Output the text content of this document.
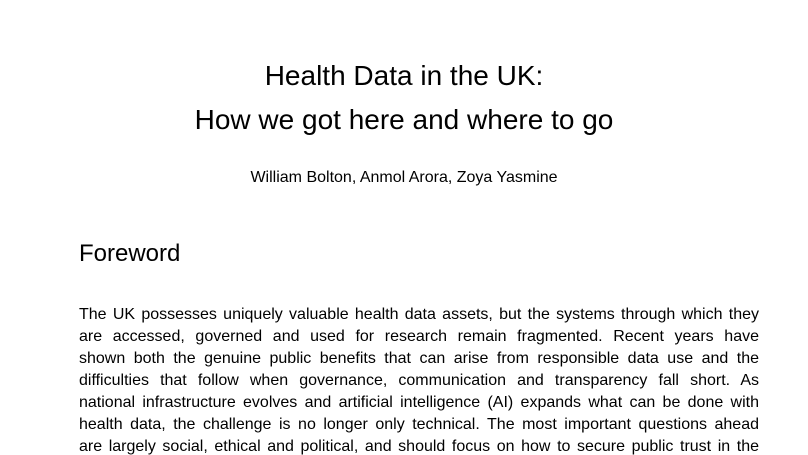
Health Data in the UK:
How we got here and where to go

William Bolton, Anmol Arora, Zoya Yasmine

Foreword
The UK possesses uniquely valuable health data assets, but the systems through which they
are accessed, governed and used for research remain fragmented. Recent years have
shown both the genuine public benefits that can arise from responsible data use and the
difficulties that follow when governance, communication and transparency fall short. As
national infrastructure evolves and artificial intelligence (AI) expands what can be done with
health data, the challenge is no longer only technical. The most important questions ahead
are largely social, ethical and political, and should focus on how to secure public trust in the
